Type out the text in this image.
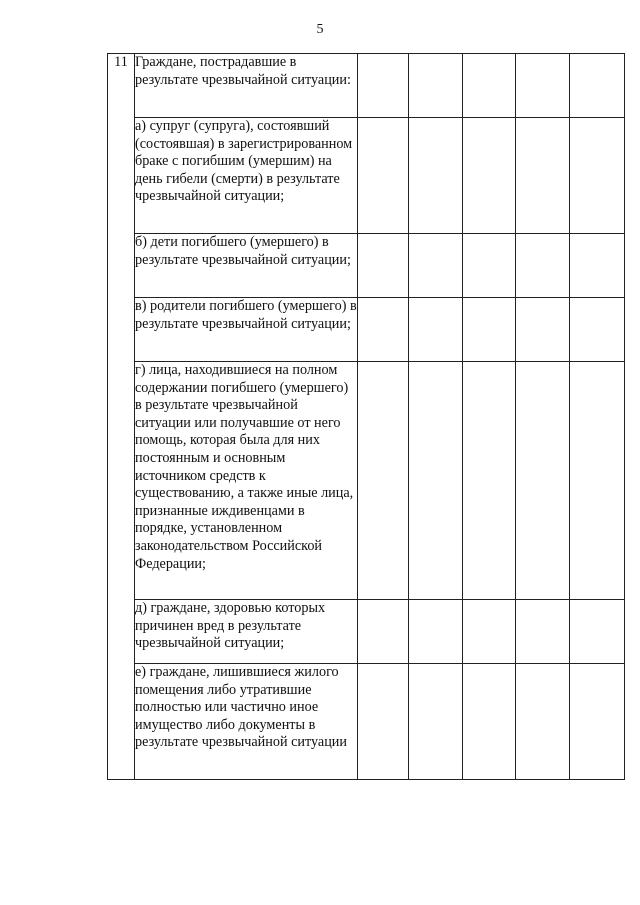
5
11	Граждане, пострадавшие в результате чрезвычайной ситуации:					

	а) супруг (супруга), состоявший (состоявшая) в зарегистрированном браке с погибшим (умершим) на день гибели (смерти) в результате чрезвычайной ситуации;					

	б) дети погибшего (умершего) в результате чрезвычайной ситуации;					

	в) родители погибшего (умершего) в результате чрезвычайной ситуации;					

	г) лица, находившиеся на полном содержании погибшего (умершего) в результате чрезвычайной ситуации или получавшие от него помощь, которая была для них постоянным и основным источником средств к существованию, а также иные лица, признанные иждивенцами в порядке, установленном законодательством Российской Федерации;					

	д) граждане, здоровью которых причинен вред в результате чрезвычайной ситуации;					

	е) граждане, лишившиеся жилого помещения либо утратившие полностью или частично иное имущество либо документы в результате чрезвычайной ситуации					
